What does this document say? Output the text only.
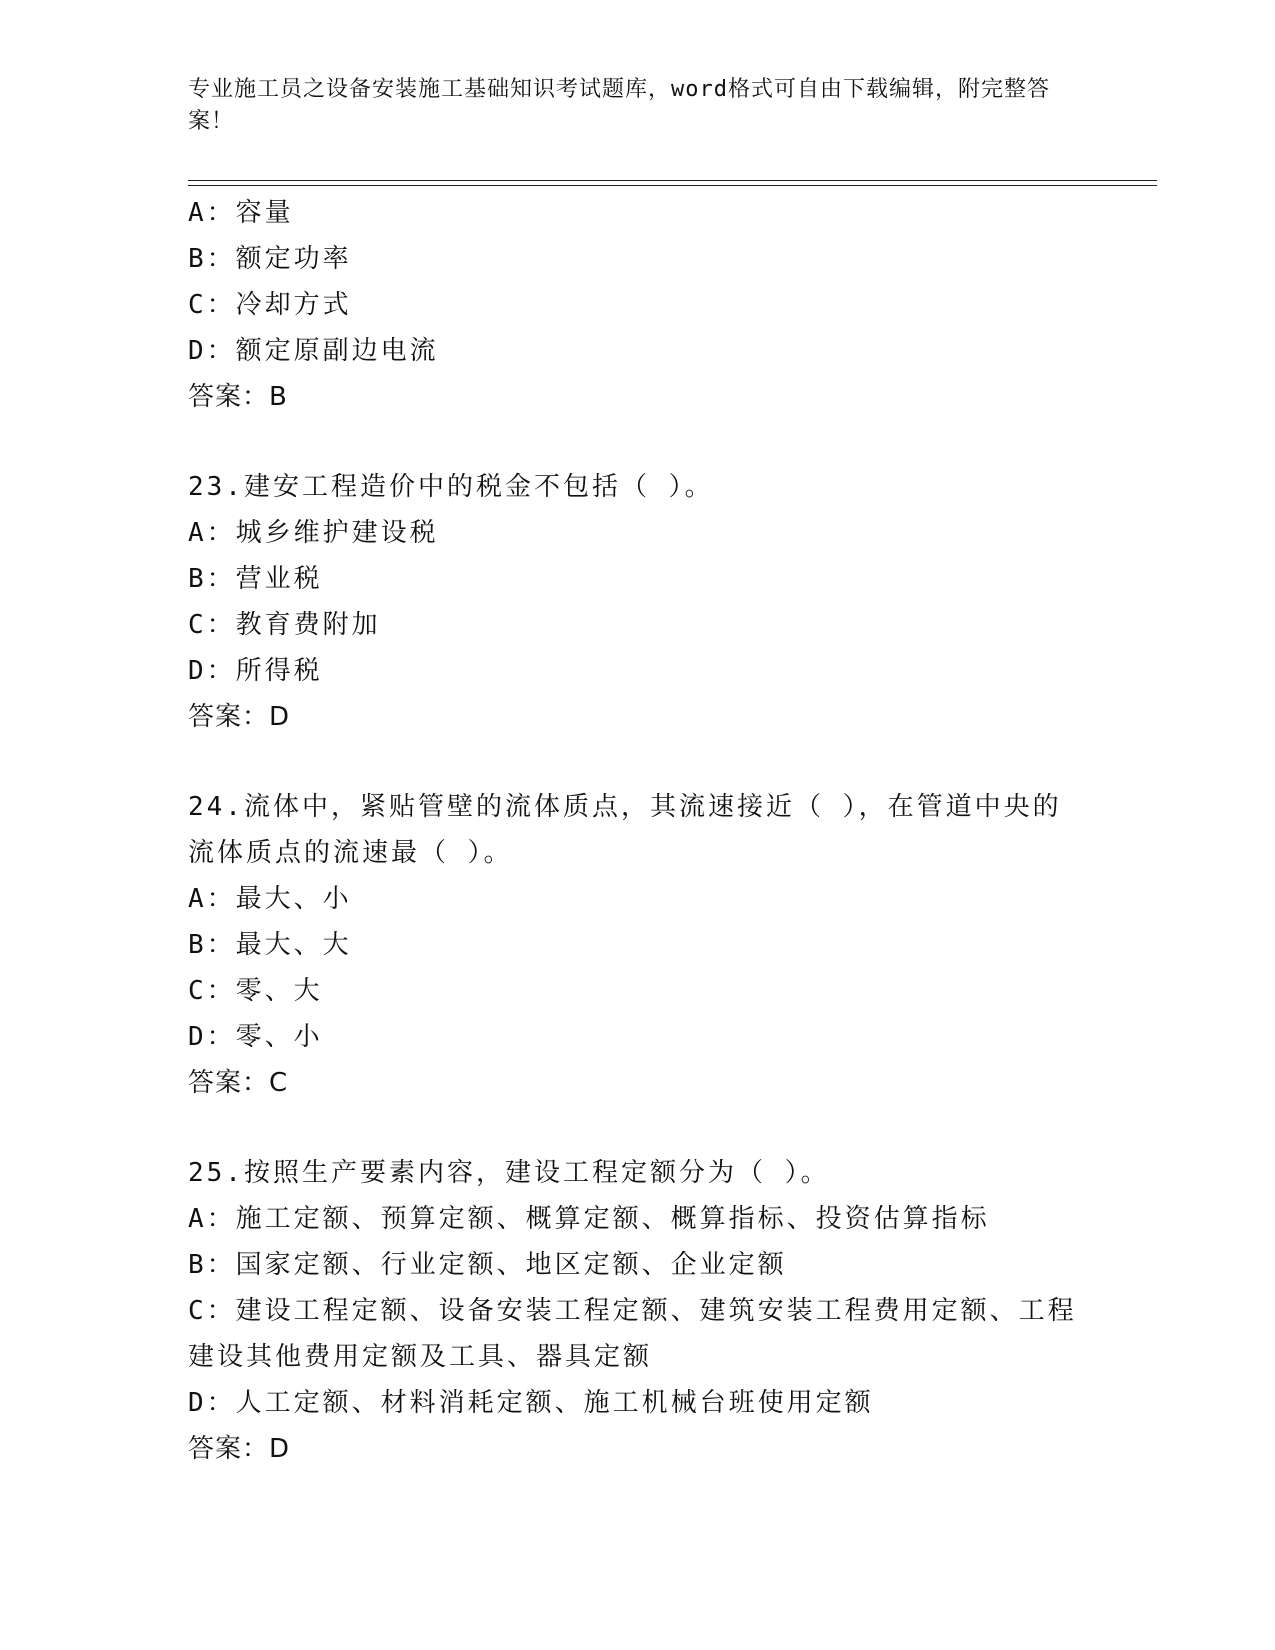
专业施工员之设备安装施工基础知识考试题库，word格式可自由下载编辑，附完整答案！
A：容量
B：额定功率
C：冷却方式
D：额定原副边电流
答案：B
23.建安工程造价中的税金不包括（ ）。
A：城乡维护建设税
B：营业税
C：教育费附加
D：所得税
答案：D
24.流体中，紧贴管壁的流体质点，其流速接近（ ），在管道中央的流体质点的流速最（ ）。
A：最大、小
B：最大、大
C：零、大
D：零、小
答案：C
25.按照生产要素内容，建设工程定额分为（ ）。
A：施工定额、预算定额、概算定额、概算指标、投资估算指标
B：国家定额、行业定额、地区定额、企业定额
C：建设工程定额、设备安装工程定额、建筑安装工程费用定额、工程建设其他费用定额及工具、器具定额
D：人工定额、材料消耗定额、施工机械台班使用定额
答案：D
